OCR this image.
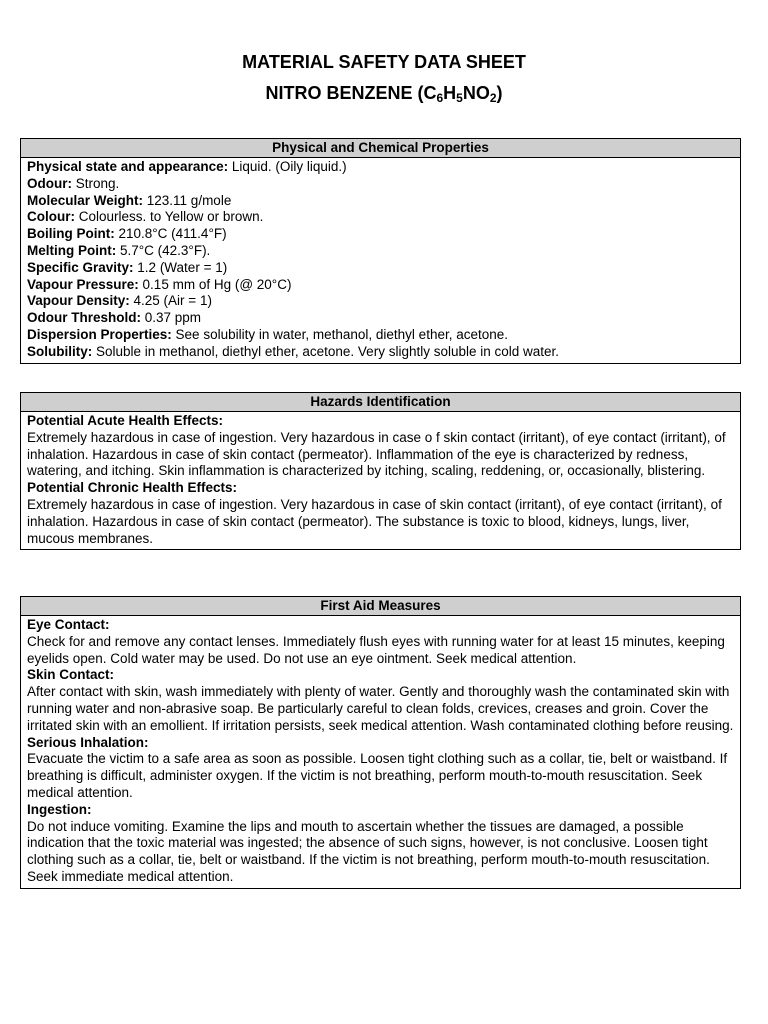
MATERIAL SAFETY DATA SHEET
NITRO BENZENE $(C_6H_5NO_2)$
Physical and Chemical Properties
Physical state and appearance: Liquid. (Oily liquid.)
Odour: Strong.
Molecular Weight: 123.11 g/mole
Colour: Colourless. to Yellow or brown.
Boiling Point: 210.8°C (411.4°F)
Melting Point: 5.7°C (42.3°F).
Specific Gravity: 1.2 (Water = 1)
Vapour Pressure: 0.15 mm of Hg (@ 20°C)
Vapour Density: 4.25 (Air = 1)
Odour Threshold: 0.37 ppm
Dispersion Properties: See solubility in water, methanol, diethyl ether, acetone.
Solubility: Soluble in methanol, diethyl ether, acetone. Very slightly soluble in cold water.
Hazards Identification
Potential Acute Health Effects:

Extremely hazardous in case of ingestion. Very hazardous in case o f skin contact (irritant), of eye contact (irritant), of inhalation. Hazardous in case of skin contact (permeator). Inflammation of the eye is characterized by redness, watering, and itching. Skin inflammation is characterized by itching, scaling, reddening, or, occasionally, blistering.

Potential Chronic Health Effects:

Extremely hazardous in case of ingestion. Very hazardous in case of skin contact (irritant), of eye contact (irritant), of inhalation. Hazardous in case of skin contact (permeator). The substance is toxic to blood, kidneys, lungs, liver, mucous membranes.

First Aid Measures
Eye Contact:

Check for and remove any contact lenses. Immediately flush eyes with running water for at least 15 minutes, keeping eyelids open. Cold water may be used. Do not use an eye ointment. Seek medical attention.

Skin Contact:

After contact with skin, wash immediately with plenty of water. Gently and thoroughly wash the contaminated skin with running water and non-abrasive soap. Be particularly careful to clean folds, crevices, creases and groin. Cover the irritated skin with an emollient. If irritation persists, seek medical attention. Wash contaminated clothing before reusing.

Serious Inhalation:

Evacuate the victim to a safe area as soon as possible. Loosen tight clothing such as a collar, tie, belt or waistband. If breathing is difficult, administer oxygen. If the victim is not breathing, perform mouth-to-mouth resuscitation. Seek medical attention.

Ingestion:

Do not induce vomiting. Examine the lips and mouth to ascertain whether the tissues are damaged, a possible indication that the toxic material was ingested; the absence of such signs, however, is not conclusive. Loosen tight clothing such as a collar, tie, belt or waistband. If the victim is not breathing, perform mouth-to-mouth resuscitation. Seek immediate medical attention.
